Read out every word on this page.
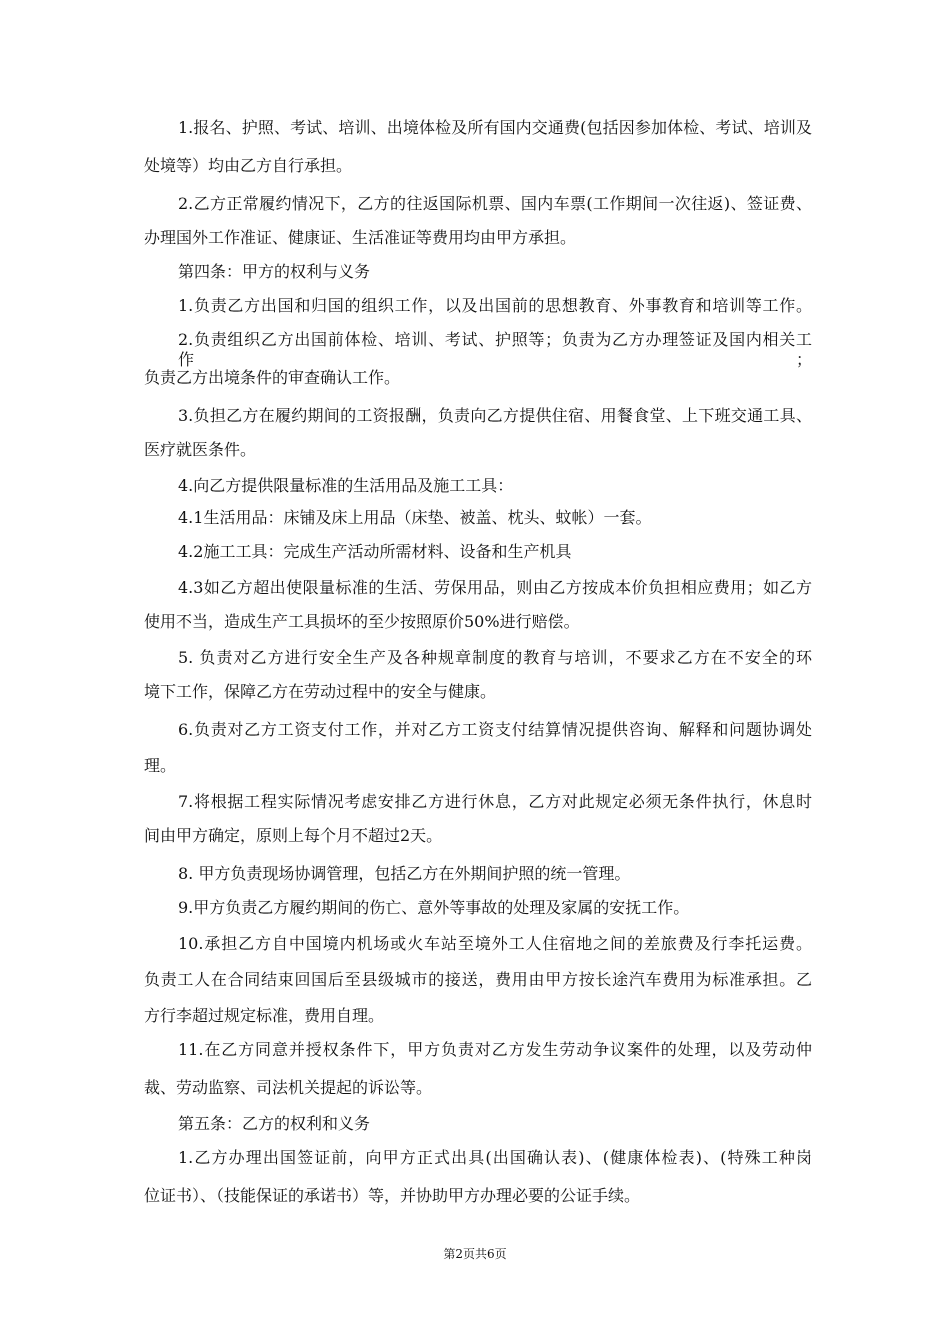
1.报名、护照、考试、培训、出境体检及所有国内交通费(包括因参加体检、考试、培训及
处境等）均由乙方自行承担。
2.乙方正常履约情况下，乙方的往返国际机票、国内车票(工作期间一次往返)、签证费、
办理国外工作准证、健康证、生活准证等费用均由甲方承担。
第四条：甲方的权利与义务
1.负责乙方出国和归国的组织工作，以及出国前的思想教育、外事教育和培训等工作。
2.负责组织乙方出国前体检、培训、考试、护照等；负责为乙方办理签证及国内相关工作；
负责乙方出境条件的审查确认工作。
3.负担乙方在履约期间的工资报酬，负责向乙方提供住宿、用餐食堂、上下班交通工具、
医疗就医条件。
4.向乙方提供限量标准的生活用品及施工工具：
4.1生活用品：床铺及床上用品（床垫、被盖、枕头、蚊帐）一套。
4.2施工工具：完成生产活动所需材料、设备和生产机具
4.3如乙方超出使限量标准的生活、劳保用品，则由乙方按成本价负担相应费用；如乙方
使用不当，造成生产工具损坏的至少按照原价50%进行赔偿。
5. 负责对乙方进行安全生产及各种规章制度的教育与培训，不要求乙方在不安全的环
境下工作，保障乙方在劳动过程中的安全与健康。
6.负责对乙方工资支付工作，并对乙方工资支付结算情况提供咨询、解释和问题协调处
理。
7.将根据工程实际情况考虑安排乙方进行休息，乙方对此规定必须无条件执行，休息时
间由甲方确定，原则上每个月不超过2天。
8. 甲方负责现场协调管理，包括乙方在外期间护照的统一管理。
9.甲方负责乙方履约期间的伤亡、意外等事故的处理及家属的安抚工作。
10.承担乙方自中国境内机场或火车站至境外工人住宿地之间的差旅费及行李托运费。
负责工人在合同结束回国后至县级城市的接送，费用由甲方按长途汽车费用为标准承担。乙
方行李超过规定标准，费用自理。
11.在乙方同意并授权条件下，甲方负责对乙方发生劳动争议案件的处理，以及劳动仲
裁、劳动监察、司法机关提起的诉讼等。
第五条：乙方的权利和义务
1.乙方办理出国签证前，向甲方正式出具(出国确认表)、(健康体检表)、(特殊工种岗
位证书）、（技能保证的承诺书）等，并协助甲方办理必要的公证手续。
第2页共6页
